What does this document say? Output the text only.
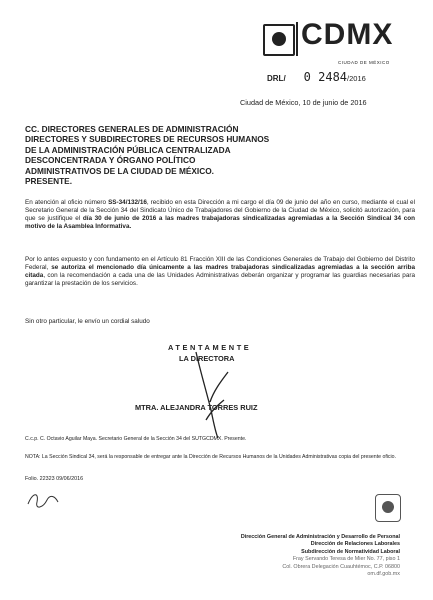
CDMX
CIUDAD DE MÉXICO
DRL/ 0 2484/2016
Ciudad de México, 10 de junio de 2016
CC. DIRECTORES GENERALES DE ADMINISTRACIÓN
DIRECTORES Y SUBDIRECTORES DE RECURSOS HUMANOS
DE LA ADMINISTRACIÓN PÚBLICA CENTRALIZADA
DESCONCENTRADA Y ÓRGANO POLÍTICO
ADMINISTRATIVOS DE LA CIUDAD DE MÉXICO.
PRESENTE.
En atención al oficio número SS-34/132/16, recibido en esta Dirección a mi cargo el día 09 de junio del año en curso, mediante el cual el Secretario General de la Sección 34 del Sindicato Único de Trabajadores del Gobierno de la Ciudad de México, solicitó autorización, para que se justifique el día 30 de junio de 2016 a las madres trabajadoras sindicalizadas agremiadas a la Sección Sindical 34 con motivo de la Asamblea Informativa.
Por lo antes expuesto y con fundamento en el Artículo 81 Fracción XIII de las Condiciones Generales de Trabajo del Gobierno del Distrito Federal, se autoriza el mencionado día únicamente a las madres trabajadoras sindicalizadas agremiadas a la sección arriba citada, con la recomendación a cada una de las Unidades Administrativas deberán organizar y programar las guardias necesarias para garantizar la prestación de los servicios.
Sin otro particular, le envío un cordial saludo
ATENTAMENTE
LA DIRECTORA
MTRA. ALEJANDRA TORRES RUIZ
C.c.p. C. Octavio Aguilar Maya. Secretario General de la Sección 34 del SUTGCDMX. Presente.
NOTA: La Sección Sindical 34, será la responsable de entregar ante la Dirección de Recursos Humanos de la Unidades Administrativas copia del presente oficio.
Folio. 22323 09/06/2016
Dirección General de Administración y Desarrollo de Personal
Dirección de Relaciones Laborales
Subdirección de Normatividad Laboral
Fray Servando Teresa de Mier No. 77, piso 1
Col. Obrera Delegación Cuauhtémoc, C.P. 06800
om.df.gob.mx
